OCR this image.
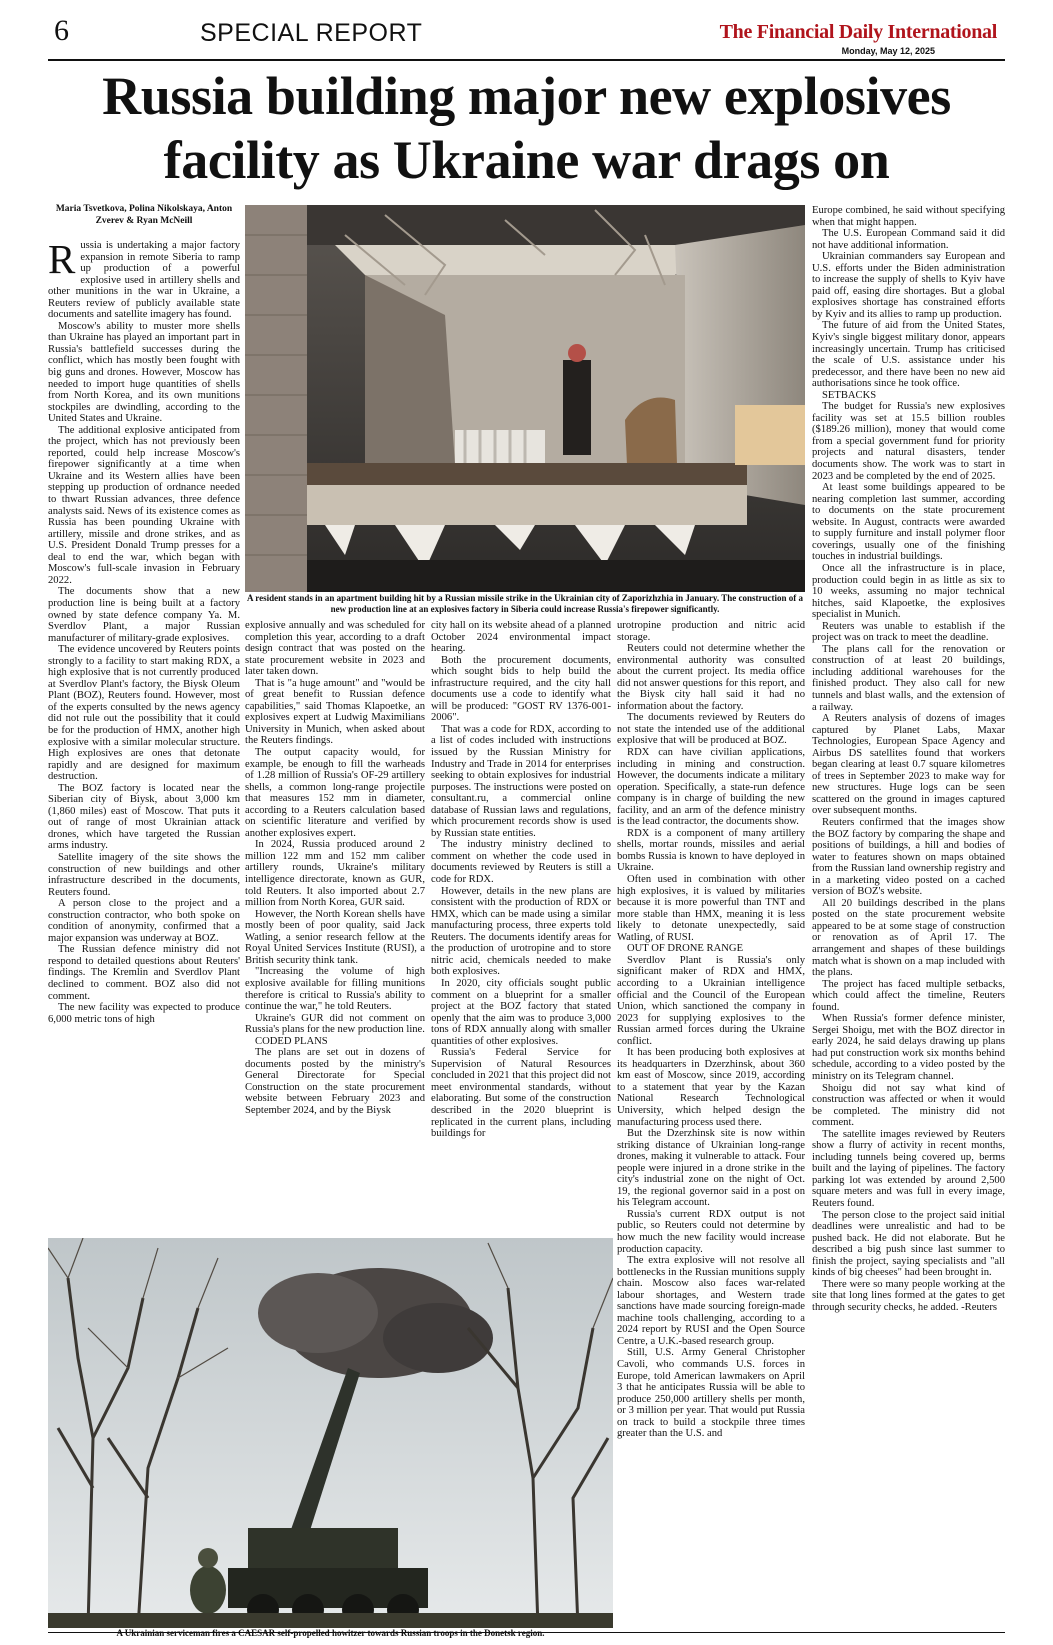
6	SPECIAL REPORT	The Financial Daily International
Monday, May 12, 2025
Russia building major new explosives facility as Ukraine war drags on
Maria Tsvetkova, Polina Nikolskaya, Anton Zverev & Ryan McNeill
A resident stands in an apartment building hit by a Russian missile strike in the Ukrainian city of Zaporizhzhia in January. The construction of a new production line at an explosives factory in Siberia could increase Russia's firepower significantly.
A Ukrainian serviceman fires a CAESAR self-propelled howitzer towards Russian troops in the Donetsk region.

Russia is undertaking a major factory expansion in remote Siberia to ramp up production of a powerful explosive used in artillery shells and other munitions in the war in Ukraine, a Reuters review of publicly available state documents and satellite imagery has found.

Moscow's ability to muster more shells than Ukraine has played an important part in Russia's battlefield successes during the conflict, which has mostly been fought with big guns and drones. However, Moscow has needed to import huge quantities of shells from North Korea, and its own munitions stockpiles are dwindling, according to the United States and Ukraine.

The additional explosive anticipated from the project, which has not previously been reported, could help increase Moscow's firepower significantly at a time when Ukraine and its Western allies have been stepping up production of ordnance needed to thwart Russian advances, three defence analysts said. News of its existence comes as Russia has been pounding Ukraine with artillery, missile and drone strikes, and as U.S. President Donald Trump presses for a deal to end the war, which began with Moscow's full-scale invasion in February 2022.

The documents show that a new production line is being built at a factory owned by state defence company Ya. M. Sverdlov Plant, a major Russian manufacturer of military-grade explosives.

The evidence uncovered by Reuters points strongly to a facility to start making RDX, a high explosive that is not currently produced at Sverdlov Plant's factory, the Biysk Oleum Plant (BOZ), Reuters found. However, most of the experts consulted by the news agency did not rule out the possibility that it could be for the production of HMX, another high explosive with a similar molecular structure. High explosives are ones that detonate rapidly and are designed for maximum destruction.

The BOZ factory is located near the Siberian city of Biysk, about 3,000 km (1,860 miles) east of Moscow. That puts it out of range of most Ukrainian attack drones, which have targeted the Russian arms industry.

Satellite imagery of the site shows the construction of new buildings and other infrastructure described in the documents, Reuters found.

A person close to the project and a construction contractor, who both spoke on condition of anonymity, confirmed that a major expansion was underway at BOZ.

The Russian defence ministry did not respond to detailed questions about Reuters' findings. The Kremlin and Sverdlov Plant declined to comment. BOZ also did not comment.

The new facility was expected to produce 6,000 metric tons of high

explosive annually and was scheduled for completion this year, according to a draft design contract that was posted on the state procurement website in 2023 and later taken down.

That is "a huge amount" and "would be of great benefit to Russian defence capabilities," said Thomas Klapoetke, an explosives expert at Ludwig Maximilians University in Munich, when asked about the Reuters findings.

The output capacity would, for example, be enough to fill the warheads of 1.28 million of Russia's OF-29 artillery shells, a common long-range projectile that measures 152 mm in diameter, according to a Reuters calculation based on scientific literature and verified by another explosives expert.

In 2024, Russia produced around 2 million 122 mm and 152 mm caliber artillery rounds, Ukraine's military intelligence directorate, known as GUR, told Reuters. It also imported about 2.7 million from North Korea, GUR said.

However, the North Korean shells have mostly been of poor quality, said Jack Watling, a senior research fellow at the Royal United Services Institute (RUSI), a British security think tank.

"Increasing the volume of high explosive available for filling munitions therefore is critical to Russia's ability to continue the war," he told Reuters.

Ukraine's GUR did not comment on Russia's plans for the new production line.

CODED PLANS

The plans are set out in dozens of documents posted by the ministry's General Directorate for Special Construction on the state procurement website between February 2023 and September 2024, and by the Biysk

city hall on its website ahead of a planned October 2024 environmental impact hearing.

Both the procurement documents, which sought bids to help build the infrastructure required, and the city hall documents use a code to identify what will be produced: "GOST RV 1376-001-2006".

That was a code for RDX, according to a list of codes included with instructions issued by the Russian Ministry for Industry and Trade in 2014 for enterprises seeking to obtain explosives for industrial purposes. The instructions were posted on consultant.ru, a commercial online database of Russian laws and regulations, which procurement records show is used by Russian state entities.

The industry ministry declined to comment on whether the code used in documents reviewed by Reuters is still a code for RDX.

However, details in the new plans are consistent with the production of RDX or HMX, which can be made using a similar manufacturing process, three experts told Reuters. The documents identify areas for the production of urotropine and to store nitric acid, chemicals needed to make both explosives.

In 2020, city officials sought public comment on a blueprint for a smaller project at the BOZ factory that stated openly that the aim was to produce 3,000 tons of RDX annually along with smaller quantities of other explosives.

Russia's Federal Service for Supervision of Natural Resources concluded in 2021 that this project did not meet environmental standards, without elaborating. But some of the construction described in the 2020 blueprint is replicated in the current plans, including buildings for

urotropine production and nitric acid storage.

Reuters could not determine whether the environmental authority was consulted about the current project. Its media office did not answer questions for this report, and the Biysk city hall said it had no information about the factory.

The documents reviewed by Reuters do not state the intended use of the additional explosive that will be produced at BOZ.

RDX can have civilian applications, including in mining and construction. However, the documents indicate a military operation. Specifically, a state-run defence company is in charge of building the new facility, and an arm of the defence ministry is the lead contractor, the documents show.

RDX is a component of many artillery shells, mortar rounds, missiles and aerial bombs Russia is known to have deployed in Ukraine.

Often used in combination with other high explosives, it is valued by militaries because it is more powerful than TNT and more stable than HMX, meaning it is less likely to detonate unexpectedly, said Watling, of RUSI.

OUT OF DRONE RANGE

Sverdlov Plant is Russia's only significant maker of RDX and HMX, according to a Ukrainian intelligence official and the Council of the European Union, which sanctioned the company in 2023 for supplying explosives to the Russian armed forces during the Ukraine conflict.

It has been producing both explosives at its headquarters in Dzerzhinsk, about 360 km east of Moscow, since 2019, according to a statement that year by the Kazan National Research Technological University, which helped design the manufacturing process used there.

But the Dzerzhinsk site is now within striking distance of Ukrainian long-range drones, making it vulnerable to attack. Four people were injured in a drone strike in the city's industrial zone on the night of Oct. 19, the regional governor said in a post on his Telegram account.

Russia's current RDX output is not public, so Reuters could not determine by how much the new facility would increase production capacity.

The extra explosive will not resolve all bottlenecks in the Russian munitions supply chain. Moscow also faces war-related labour shortages, and Western trade sanctions have made sourcing foreign-made machine tools challenging, according to a 2024 report by RUSI and the Open Source Centre, a U.K.-based research group.

Still, U.S. Army General Christopher Cavoli, who commands U.S. forces in Europe, told American lawmakers on April 3 that he anticipates Russia will be able to produce 250,000 artillery shells per month, or 3 million per year. That would put Russia on track to build a stockpile three times greater than the U.S. and

Europe combined, he said without specifying when that might happen.

The U.S. European Command said it did not have additional information.

Ukrainian commanders say European and U.S. efforts under the Biden administration to increase the supply of shells to Kyiv have paid off, easing dire shortages. But a global explosives shortage has constrained efforts by Kyiv and its allies to ramp up production.

The future of aid from the United States, Kyiv's single biggest military donor, appears increasingly uncertain. Trump has criticised the scale of U.S. assistance under his predecessor, and there have been no new aid authorisations since he took office.

SETBACKS

The budget for Russia's new explosives facility was set at 15.5 billion roubles ($189.26 million), money that would come from a special government fund for priority projects and natural disasters, tender documents show. The work was to start in 2023 and be completed by the end of 2025.

At least some buildings appeared to be nearing completion last summer, according to documents on the state procurement website. In August, contracts were awarded to supply furniture and install polymer floor coverings, usually one of the finishing touches in industrial buildings.

Once all the infrastructure is in place, production could begin in as little as six to 10 weeks, assuming no major technical hitches, said Klapoetke, the explosives specialist in Munich.

Reuters was unable to establish if the project was on track to meet the deadline.

The plans call for the renovation or construction of at least 20 buildings, including additional warehouses for the finished product. They also call for new tunnels and blast walls, and the extension of a railway.

A Reuters analysis of dozens of images captured by Planet Labs, Maxar Technologies, European Space Agency and Airbus DS satellites found that workers began clearing at least 0.7 square kilometres of trees in September 2023 to make way for new structures. Huge logs can be seen scattered on the ground in images captured over subsequent months.

Reuters confirmed that the images show the BOZ factory by comparing the shape and positions of buildings, a hill and bodies of water to features shown on maps obtained from the Russian land ownership registry and in a marketing video posted on a cached version of BOZ's website.

All 20 buildings described in the plans posted on the state procurement website appeared to be at some stage of construction or renovation as of April 17. The arrangement and shapes of these buildings match what is shown on a map included with the plans.

The project has faced multiple setbacks, which could affect the timeline, Reuters found.

When Russia's former defence minister, Sergei Shoigu, met with the BOZ director in early 2024, he said delays drawing up plans had put construction work six months behind schedule, according to a video posted by the ministry on its Telegram channel.

Shoigu did not say what kind of construction was affected or when it would be completed. The ministry did not comment.

The satellite images reviewed by Reuters show a flurry of activity in recent months, including tunnels being covered up, berms built and the laying of pipelines. The factory parking lot was extended by around 2,500 square meters and was full in every image, Reuters found.

The person close to the project said initial deadlines were unrealistic and had to be pushed back. He did not elaborate. But he described a big push since last summer to finish the project, saying specialists and "all kinds of big cheeses" had been brought in.

There were so many people working at the site that long lines formed at the gates to get through security checks, he added. -Reuters
